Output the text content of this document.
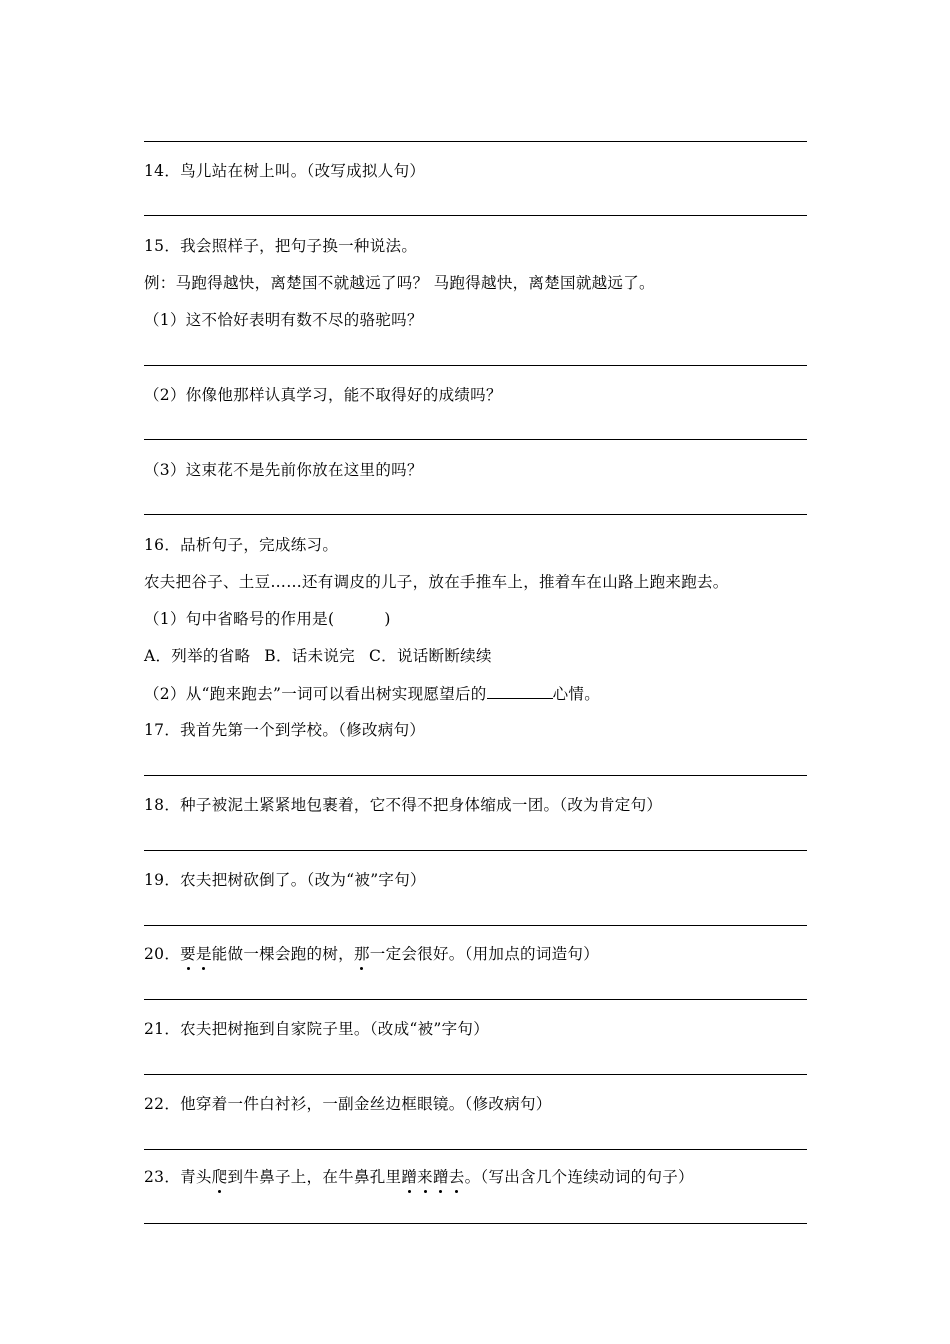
14．鸟儿站在树上叫。（改写成拟人句）
15．我会照样子，把句子换一种说法。
例：马跑得越快，离楚国不就越远了吗？ 马跑得越快，离楚国就越远了。
（1）这不恰好表明有数不尽的骆驼吗？
（2）你像他那样认真学习，能不取得好的成绩吗？
（3）这束花不是先前你放在这里的吗？
16．品析句子，完成练习。
农夫把谷子、土豆……还有调皮的儿子，放在手推车上，推着车在山路上跑来跑去。
（1）句中省略号的作用是(	)
A．列举的省略 B．话未说完 C．说话断断续续
（2）从“跑来跑去”一词可以看出树实现愿望后的	心情。
17．我首先第一个到学校。（修改病句）
18．种子被泥土紧紧地包裹着，它不得不把身体缩成一团。（改为肯定句）
19．农夫把树砍倒了。（改为“被”字句）
20．要是能做一棵会跑的树，那一定会很好。（用加点的词造句）
21．农夫把树拖到自家院子里。（改成“被”字句）
22．他穿着一件白衬衫，一副金丝边框眼镜。（修改病句）
23．青头爬到牛鼻子上，在牛鼻孔里蹭来蹭去。（写出含几个连续动词的句子）
